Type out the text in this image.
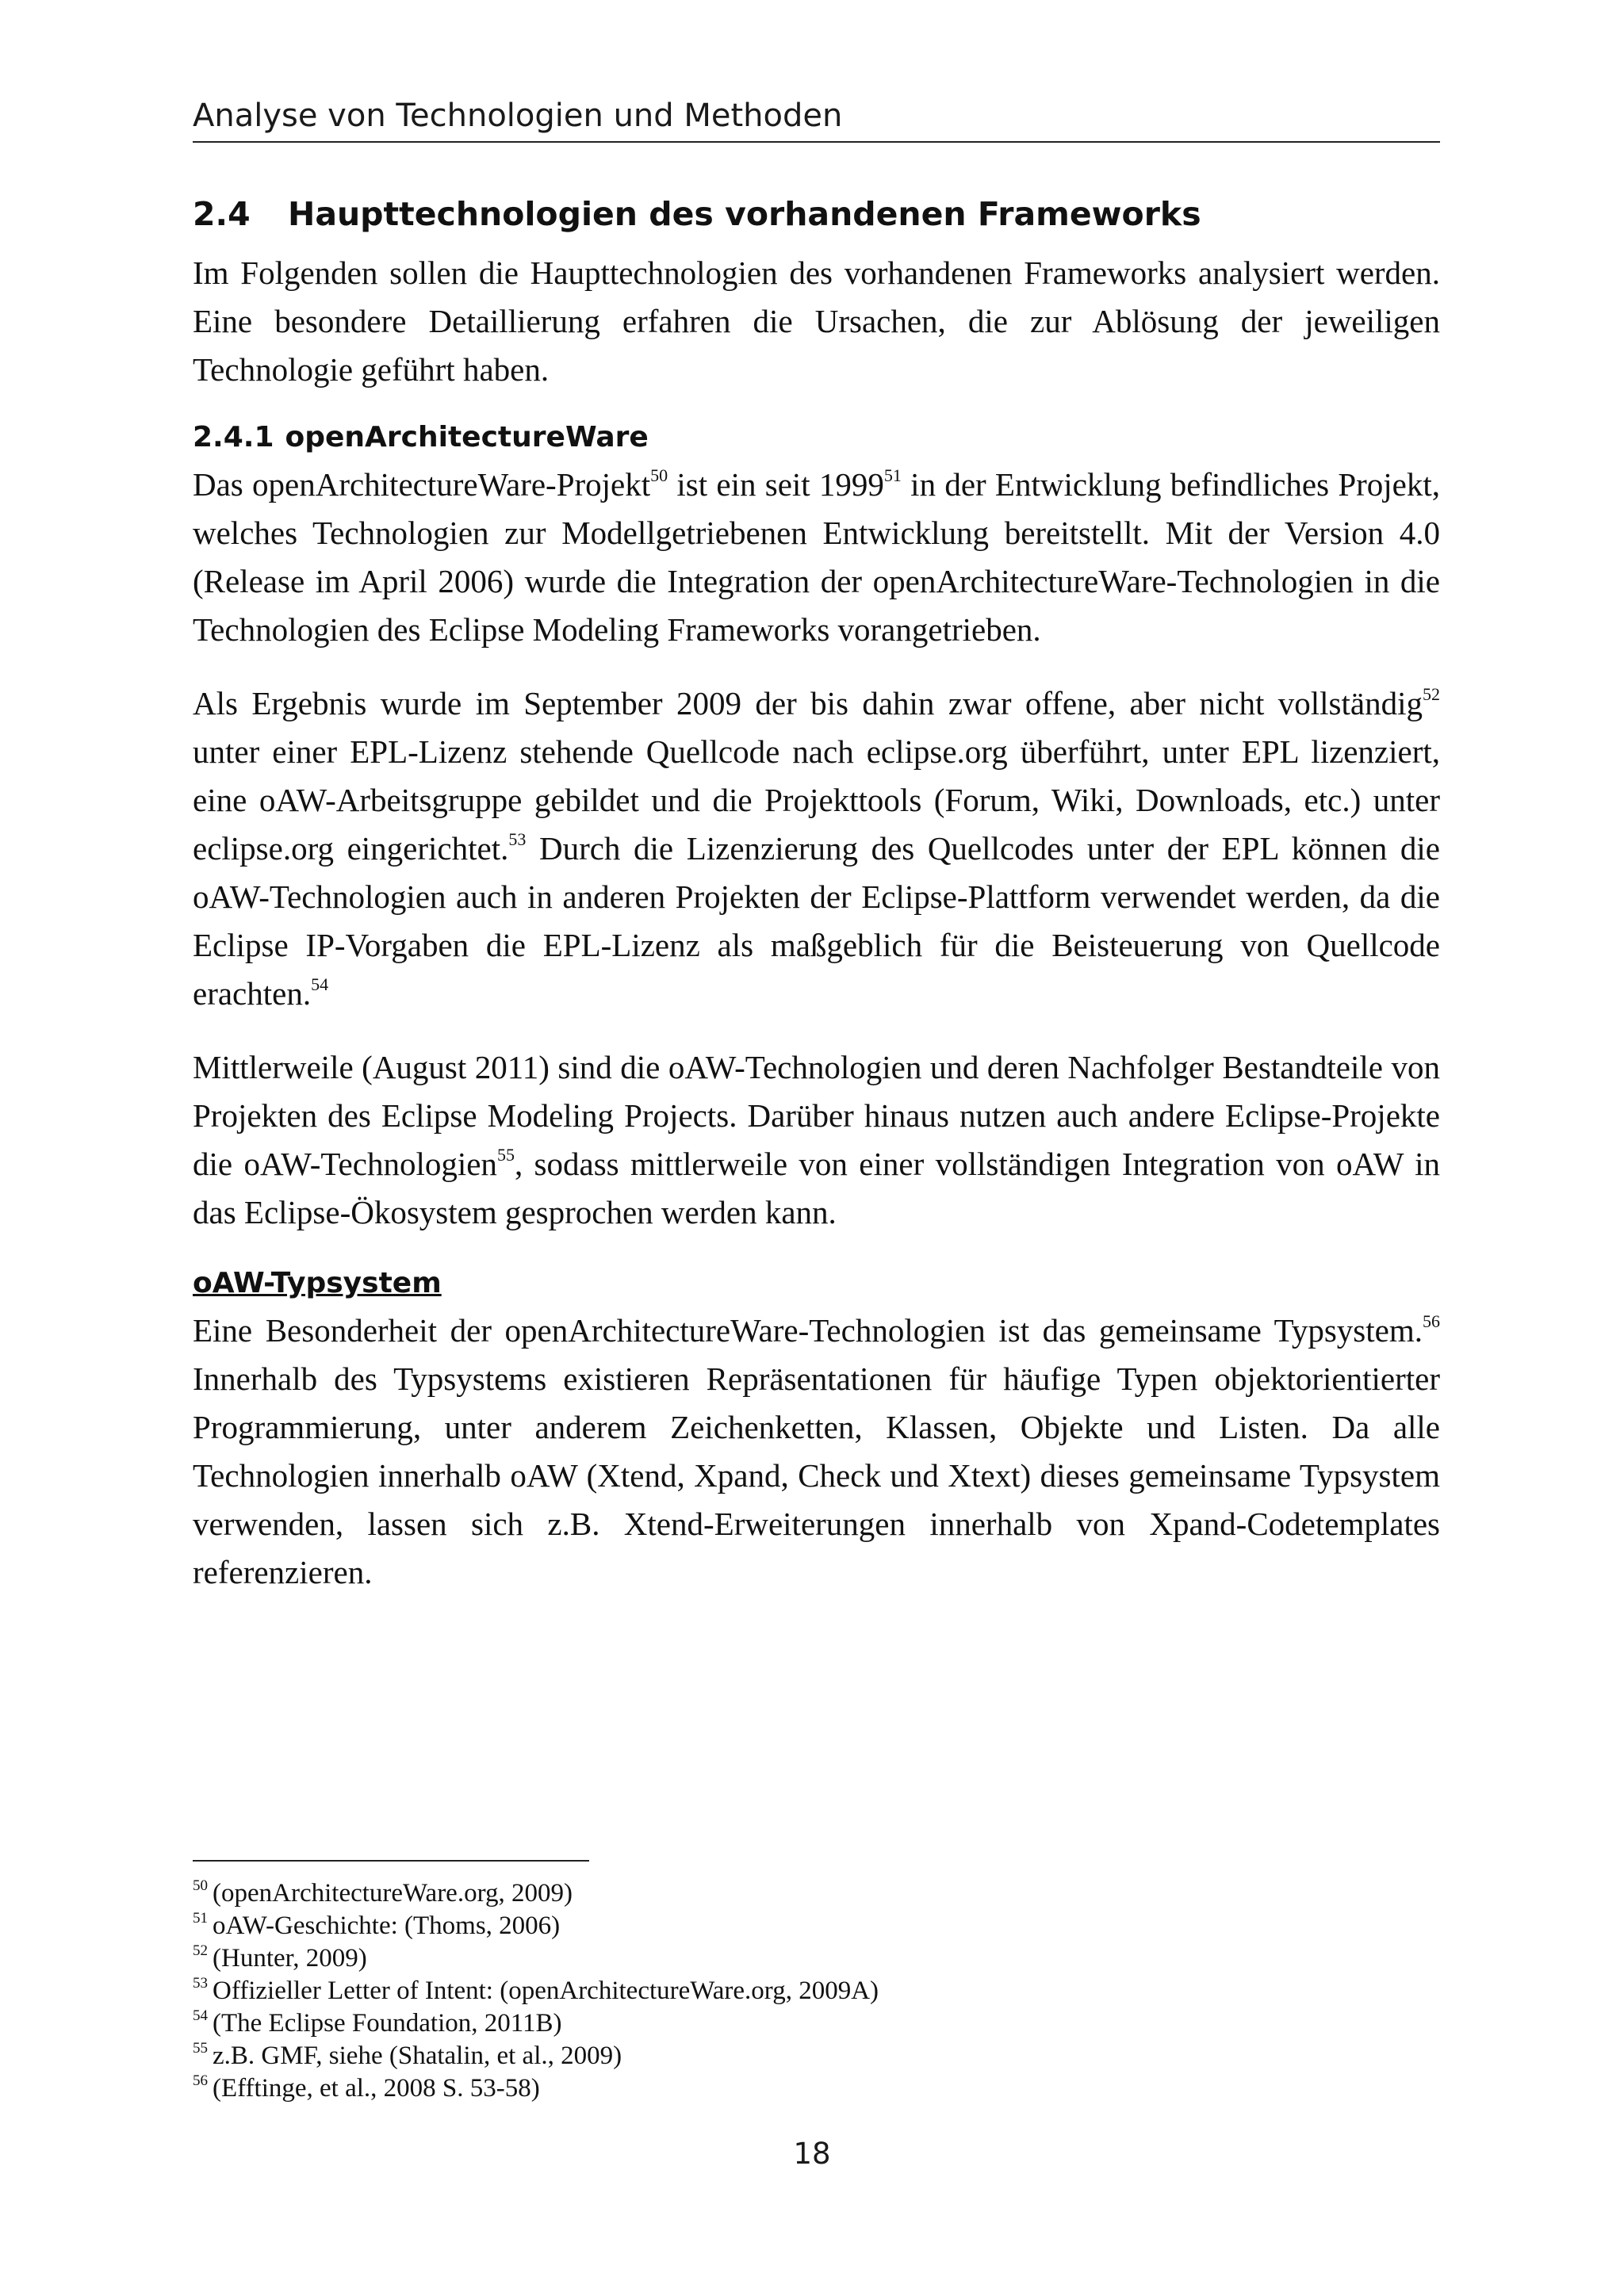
Analyse von Technologien und Methoden
2.4	Haupttechnologien des vorhandenen Frameworks

Im Folgenden sollen die Haupttechnologien des vorhandenen Frameworks analysiert werden. Eine besondere Detaillierung erfahren die Ursachen, die zur Ablösung der jeweiligen Technologie geführt haben.

2.4.1 openArchitectureWare

Das openArchitectureWare-Projekt$^{50}$ ist ein seit 1999$^{51}$ in der Entwicklung befindliches Projekt, welches Technologien zur Modellgetriebenen Entwicklung bereitstellt. Mit der Version 4.0 (Release im April 2006) wurde die Integration der openArchitectureWare-Technologien in die Technologien des Eclipse Modeling Frameworks vorangetrieben.

Als Ergebnis wurde im September 2009 der bis dahin zwar offene, aber nicht vollständig$^{52}$ unter einer EPL-Lizenz stehende Quellcode nach eclipse.org überführt, unter EPL lizenziert, eine oAW-Arbeitsgruppe gebildet und die Projekttools (Forum, Wiki, Downloads, etc.) unter eclipse.org eingerichtet.$^{53}$ Durch die Lizenzierung des Quellcodes unter der EPL können die oAW-Technologien auch in anderen Projekten der Eclipse-Plattform verwendet werden, da die Eclipse IP-Vorgaben die EPL-Lizenz als maßgeblich für die Beisteuerung von Quellcode erachten.$^{54}$

Mittlerweile (August 2011) sind die oAW-Technologien und deren Nachfolger Bestandteile von Projekten des Eclipse Modeling Projects. Darüber hinaus nutzen auch andere Eclipse-Projekte die oAW-Technologien$^{55}$, sodass mittlerweile von einer vollständigen Integration von oAW in das Eclipse-Ökosystem gesprochen werden kann.

oAW-Typsystem

Eine Besonderheit der openArchitectureWare-Technologien ist das gemeinsame Typsystem.$^{56}$ Innerhalb des Typsystems existieren Repräsentationen für häufige Typen objektorientierter Programmierung, unter anderem Zeichenketten, Klassen, Objekte und Listen. Da alle Technologien innerhalb oAW (Xtend, Xpand, Check und Xtext) dieses gemeinsame Typsystem verwenden, lassen sich z.B. Xtend-Erweiterungen innerhalb von Xpand-Codetemplates referenzieren.

$^{50}$ (openArchitectureWare.org, 2009)
$^{51}$ oAW-Geschichte: (Thoms, 2006)
$^{52}$ (Hunter, 2009)
$^{53}$ Offizieller Letter of Intent: (openArchitectureWare.org, 2009A)
$^{54}$ (The Eclipse Foundation, 2011B)
$^{55}$ z.B. GMF, siehe (Shatalin, et al., 2009)
$^{56}$ (Efftinge, et al., 2008 S. 53-58)
18
